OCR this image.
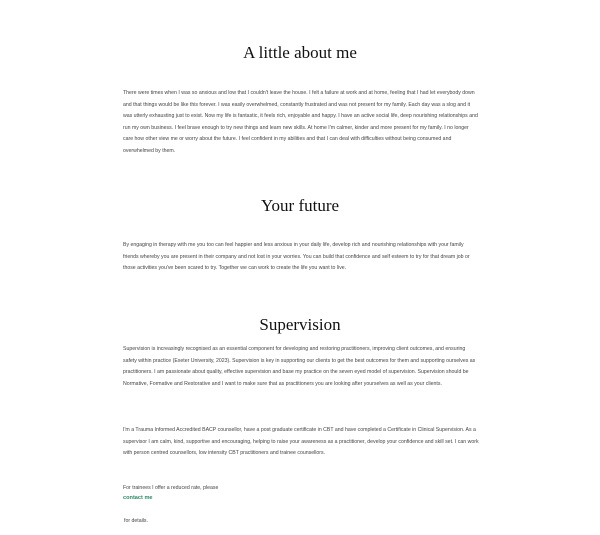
A little about me

There were times when I was so anxious and low that I couldn't leave the house. I felt a failure at work and at home, feeling that I had let everybody down and that things would be like this forever. I was easily overwhelmed, constantly frustrated and was not present for my family. Each day was a slog and it was utterly exhausting just to exist. Now my life is fantastic, it feels rich, enjoyable and happy. I have an active social life, deep nourishing relationships and run my own business. I feel brave enough to try new things and learn new skills. At home I'm calmer, kinder and more present for my family. I no longer care how other view me or worry about the future. I feel confident in my abilities and that I can deal with difficulties without being consumed and overwhelmed by them.

Your future

By engaging in therapy with me you too can feel happier and less anxious in your daily life, develop rich and nourishing relationships with your family friends whereby you are present in their company and not lost in your worries. You can build that confidence and self esteem to try for that dream job or those activities you've been scared to try. Together we can work to create the life you want to live.

Supervision

Supervision is increasingly recognised as an essential component for developing and restoring practitioners, improving client outcomes, and ensuring safety within practice (Exeter University, 2023). Supervision is key in supporting our clients to get the best outcomes for them and supporting ourselves as practitioners. I am passionate about quality, effective supervision and base my practice on the seven eyed model of supervision. Supervision should be Normative, Formative and Restorative and I want to make sure that as practitioners you are looking after yourselves as well as your clients.

I'm a Trauma Informed Accredited BACP counsellor, have a post graduate certificate in CBT and have completed a Certificate in Clinical Supervision. As a supervisor I am calm, kind, supportive and encouraging, helping to raise your awareness as a practitioner, develop your confidence and skill set. I can work with person centred counsellors, low intensity CBT practitioners and trainee counsellors.

For trainees I offer a reduced rate, please

contact me

for details.
